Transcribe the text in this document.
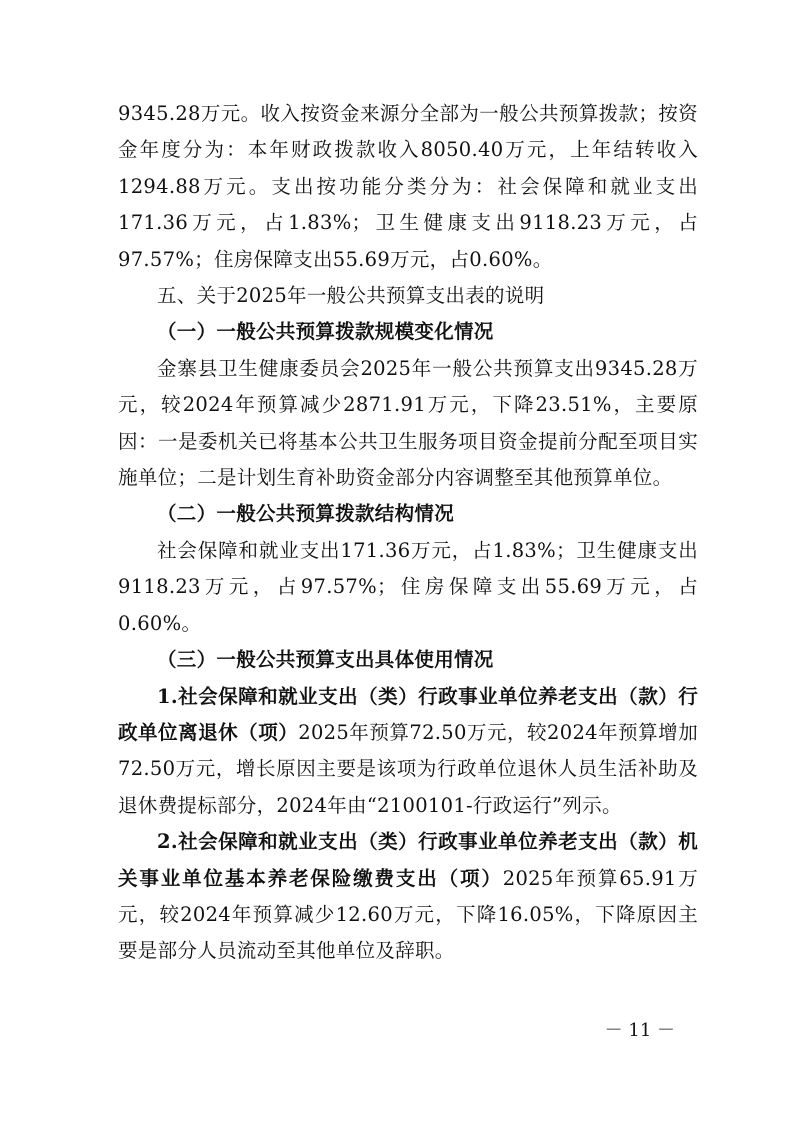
9345.28万元。收入按资金来源分全部为一般公共预算拨款；按资金年度分为：本年财政拨款收入8050.40万元，上年结转收入1294.88万元。支出按功能分类分为：社会保障和就业支出171.36万元，占1.83%；卫生健康支出9118.23万元，占97.57%；住房保障支出55.69万元，占0.60%。

五、关于2025年一般公共预算支出表的说明

（一）一般公共预算拨款规模变化情况

金寨县卫生健康委员会2025年一般公共预算支出9345.28万元，较2024年预算减少2871.91万元，下降23.51%，主要原因：一是委机关已将基本公共卫生服务项目资金提前分配至项目实施单位；二是计划生育补助资金部分内容调整至其他预算单位。

（二）一般公共预算拨款结构情况

社会保障和就业支出171.36万元，占1.83%；卫生健康支出9118.23万元，占97.57%；住房保障支出55.69万元，占0.60%。

（三）一般公共预算支出具体使用情况

1.社会保障和就业支出（类）行政事业单位养老支出（款）行政单位离退休（项）2025年预算72.50万元，较2024年预算增加72.50万元，增长原因主要是该项为行政单位退休人员生活补助及退休费提标部分，2024年由“2100101-行政运行”列示。

2.社会保障和就业支出（类）行政事业单位养老支出（款）机关事业单位基本养老保险缴费支出（项）2025年预算65.91万元，较2024年预算减少12.60万元，下降16.05%，下降原因主要是部分人员流动至其他单位及辞职。

－ 11 －
